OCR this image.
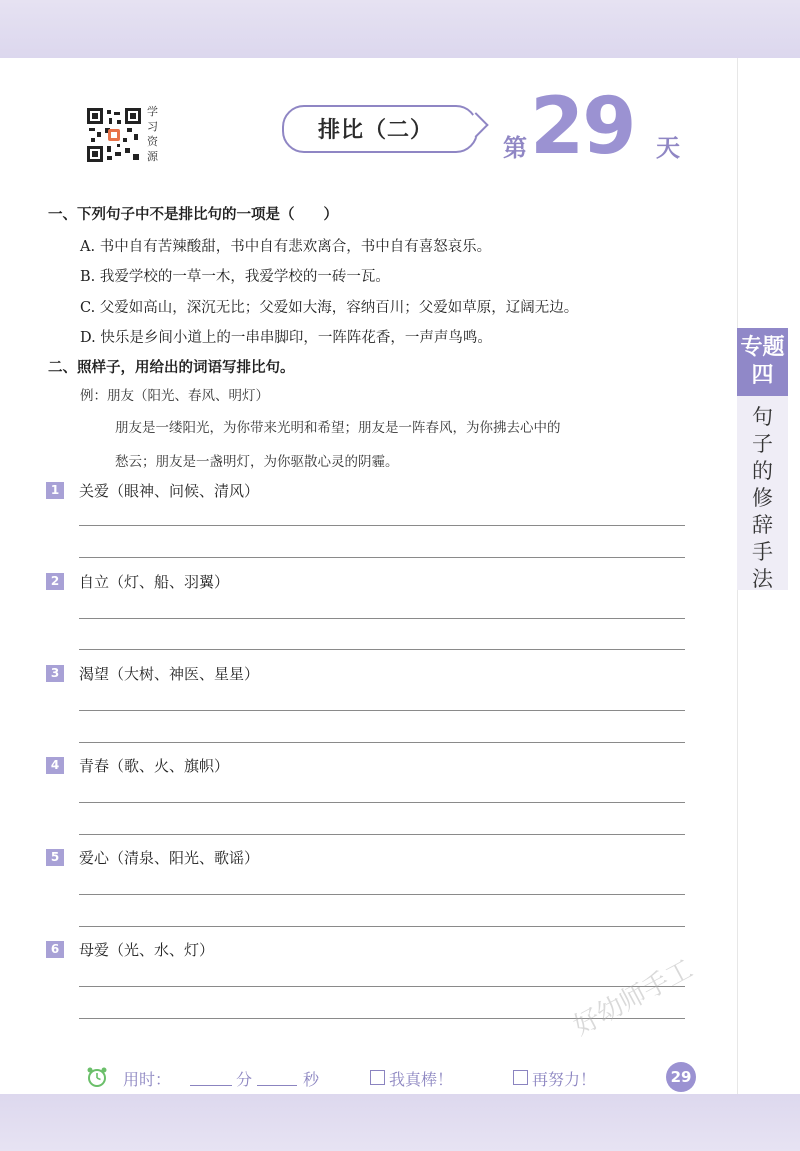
学习资源
排比（二）
第 29 天
专题
四
句
子
的
修
辞
手
法
一、下列句子中不是排比句的一项是（　　）
A. 书中自有苦辣酸甜，书中自有悲欢离合，书中自有喜怒哀乐。
B. 我爱学校的一草一木，我爱学校的一砖一瓦。
C. 父爱如高山，深沉无比；父爱如大海，容纳百川；父爱如草原，辽阔无边。
D. 快乐是乡间小道上的一串串脚印，一阵阵花香，一声声鸟鸣。
二、照样子，用给出的词语写排比句。
例：朋友（阳光、春风、明灯）
朋友是一缕阳光，为你带来光明和希望；朋友是一阵春风，为你拂去心中的
愁云；朋友是一盏明灯，为你驱散心灵的阴霾。
1	关爱（眼神、问候、清风）
2	自立（灯、船、羽翼）
3	渴望（大树、神医、星星）
4	青春（歌、火、旗帜）
5	爱心（清泉、阳光、歌谣）
6	母爱（光、水、灯）
好幼师手工
用时：	分	秒	我真棒！	再努力！	29
